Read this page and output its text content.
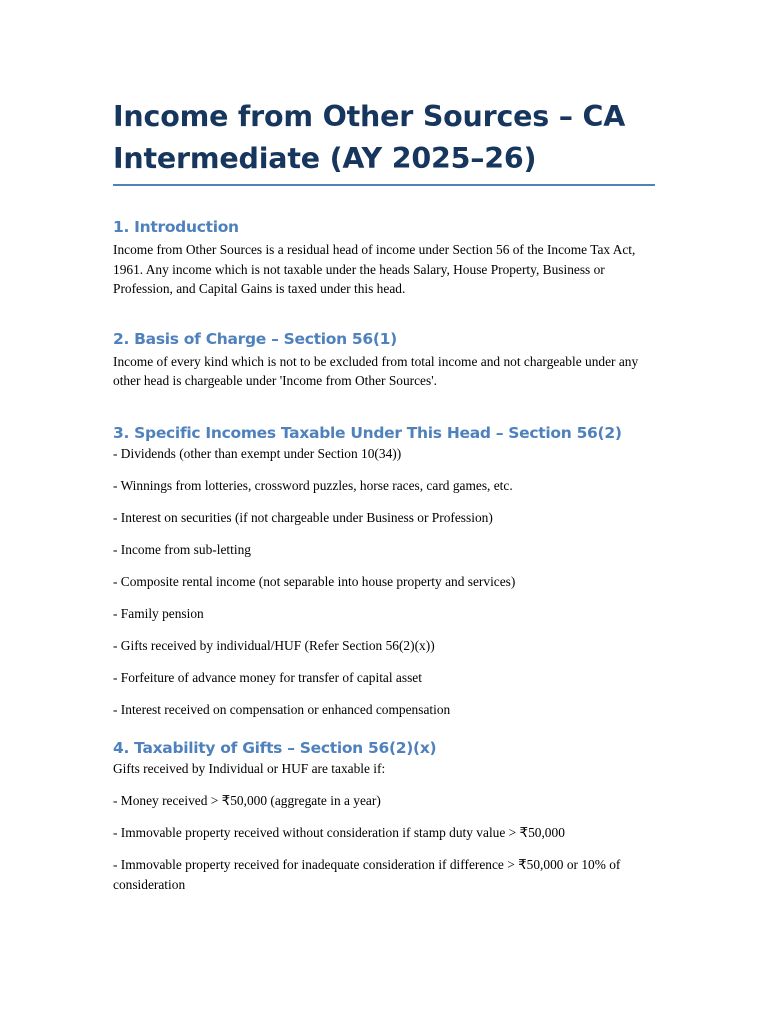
Income from Other Sources – CA Intermediate (AY 2025–26)
1. Introduction

Income from Other Sources is a residual head of income under Section 56 of the Income Tax Act, 1961. Any income which is not taxable under the heads Salary, House Property, Business or Profession, and Capital Gains is taxed under this head.

2. Basis of Charge – Section 56(1)

Income of every kind which is not to be excluded from total income and not chargeable under any other head is chargeable under 'Income from Other Sources'.

3. Specific Incomes Taxable Under This Head – Section 56(2)

- Dividends (other than exempt under Section 10(34))

- Winnings from lotteries, crossword puzzles, horse races, card games, etc.

- Interest on securities (if not chargeable under Business or Profession)

- Income from sub-letting

- Composite rental income (not separable into house property and services)

- Family pension

- Gifts received by individual/HUF (Refer Section 56(2)(x))

- Forfeiture of advance money for transfer of capital asset

- Interest received on compensation or enhanced compensation

4. Taxability of Gifts – Section 56(2)(x)

Gifts received by Individual or HUF are taxable if:

- Money received > ₹50,000 (aggregate in a year)

- Immovable property received without consideration if stamp duty value > ₹50,000

- Immovable property received for inadequate consideration if difference > ₹50,000 or 10% of consideration
